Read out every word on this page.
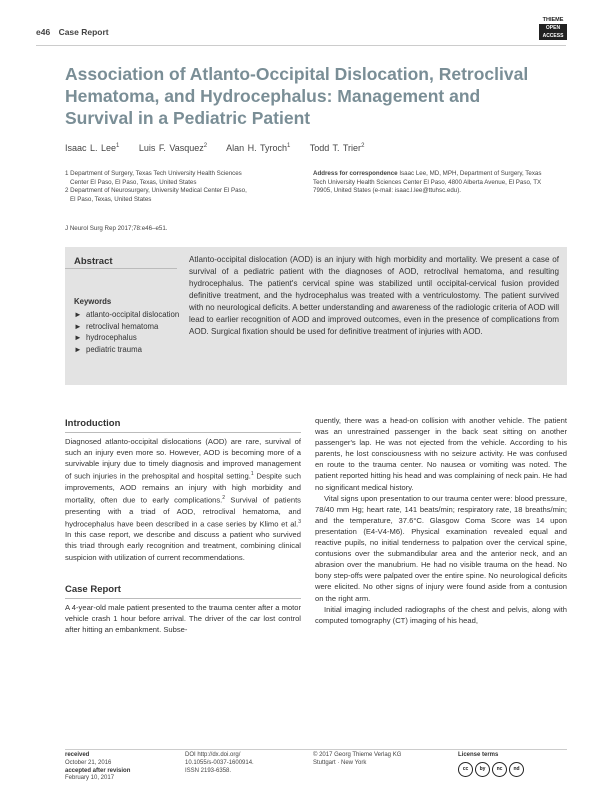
e46 Case Report
THIEME
OPEN
ACCESS
Association of Atlanto-Occipital Dislocation, Retroclival Hematoma, and Hydrocephalus: Management and Survival in a Pediatric Patient
Isaac L. Lee$^1$ Luis F. Vasquez$^2$ Alan H. Tyroch$^1$ Todd T. Trier$^2$
1 Department of Surgery, Texas Tech University Health Sciences
Center El Paso, El Paso, Texas, United States
2 Department of Neurosurgery, University Medical Center El Paso,
El Paso, Texas, United States
Address for correspondence Isaac Lee, MD, MPH, Department of Surgery, Texas Tech University Health Sciences Center El Paso, 4800 Alberta Avenue, El Paso, TX 79905, United States (e-mail: isaac.l.lee@ttuhsc.edu).
J Neurol Surg Rep 2017;78:e46–e51.
Abstract	Atlanto-occipital dislocation (AOD) is an injury with high morbidity and mortality. We present a case of survival of a pediatric patient with the diagnoses of AOD, retroclival hematoma, and resulting hydrocephalus. The patient's cervical spine was stabilized until occipital-cervical fusion provided definitive treatment, and the hydrocephalus was treated with a ventriculostomy. The patient survived with no neurological deficits. A better understanding and awareness of the radiologic criteria of AOD will lead to earlier recognition of AOD and improved outcomes, even in the presence of complications from AOD. Surgical fixation should be used for definitive treatment of injuries with AOD.
Keywords
► atlanto-occipital dislocation
► retroclival hematoma
► hydrocephalus
► pediatric trauma
Introduction

Diagnosed atlanto-occipital dislocations (AOD) are rare, survival of such an injury even more so. However, AOD is becoming more of a survivable injury due to timely diagnosis and improved management of such injuries in the prehospital and hospital setting.$^1$ Despite such improvements, AOD remains an injury with high morbidity and mortality, often due to early complications.$^2$ Survival of patients presenting with a triad of AOD, retroclival hematoma, and hydrocephalus have been described in a case series by Klimo et al.$^3$ In this case report, we describe and discuss a patient who survived this triad through early recognition and treatment, combining clinical suspicion with utilization of current recommendations.

Case Report

A 4-year-old male patient presented to the trauma center after a motor vehicle crash 1 hour before arrival. The driver of the car lost control after hitting an embankment. Subse-

quently, there was a head-on collision with another vehicle. The patient was an unrestrained passenger in the back seat sitting on another passenger's lap. He was not ejected from the vehicle. According to his parents, he lost consciousness with no seizure activity. He was confused en route to the trauma center. No nausea or vomiting was noted. The patient reported hitting his head and was complaining of neck pain. He had no significant medical history.

Vital signs upon presentation to our trauma center were: blood pressure, 78/40 mm Hg; heart rate, 141 beats/min; respiratory rate, 18 breaths/min; and the temperature, 37.6°C. Glasgow Coma Score was 14 upon presentation (E4-V4-M6). Physical examination revealed equal and reactive pupils, no initial tenderness to palpation over the cervical spine, contusions over the submandibular area and the anterior neck, and an abrasion over the manubrium. He had no visible trauma on the head. No bony step-offs were palpated over the entire spine. No neurological deficits were elicited. No other signs of injury were found aside from a contusion on the right arm.

Initial imaging included radiographs of the chest and pelvis, along with computed tomography (CT) imaging of his head,

received
October 21, 2016
accepted after revision
February 10, 2017
DOI http://dx.doi.org/
10.1055/s-0037-1600914.
ISSN 2193-6358.
© 2017 Georg Thieme Verlag KG
Stuttgart · New York
License terms
cc	by	nc	nd
